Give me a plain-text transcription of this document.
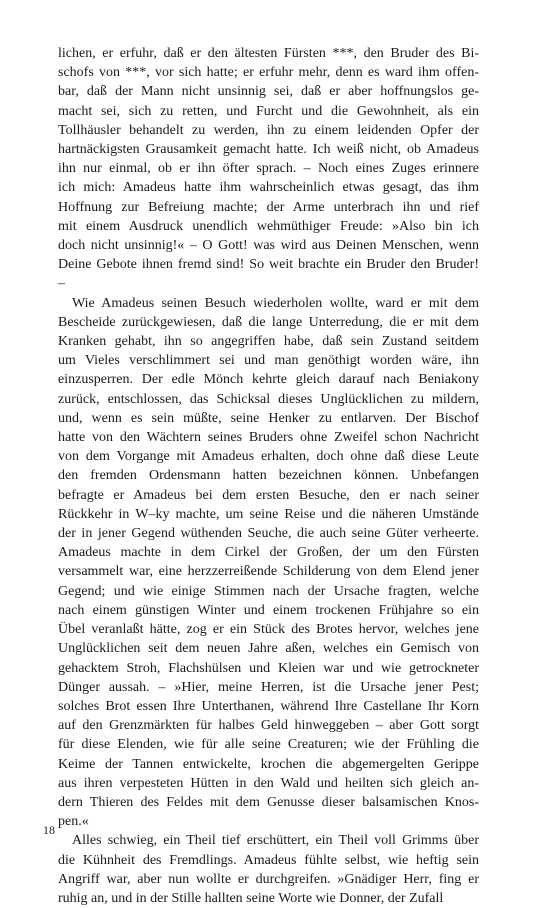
lichen, er erfuhr, daß er den ältesten Fürsten ***, den Bruder des Bi-

schofs von ***, vor sich hatte; er erfuhr mehr, denn es ward ihm offen-

bar, daß der Mann nicht unsinnig sei, daß er aber hoffnungslos ge-

macht sei, sich zu retten, und Furcht und die Gewohnheit, als ein

Tollhäusler behandelt zu werden, ihn zu einem leidenden Opfer der

hartnäckigsten Grausamkeit gemacht hatte. Ich weiß nicht, ob Amadeus

ihn nur einmal, ob er ihn öfter sprach. – Noch eines Zuges erinnere

ich mich: Amadeus hatte ihm wahrscheinlich etwas gesagt, das ihm

Hoffnung zur Befreiung machte; der Arme unterbrach ihn und rief

mit einem Ausdruck unendlich wehmüthiger Freude: »Also bin ich

doch nicht unsinnig!« – O Gott! was wird aus Deinen Menschen, wenn

Deine Gebote ihnen fremd sind! So weit brachte ein Bruder den Bruder!

–

Wie Amadeus seinen Besuch wiederholen wollte, ward er mit dem

Bescheide zurückgewiesen, daß die lange Unterredung, die er mit dem

Kranken gehabt, ihn so angegriffen habe, daß sein Zustand seitdem

um Vieles verschlimmert sei und man genöthigt worden wäre, ihn

einzusperren. Der edle Mönch kehrte gleich darauf nach Beniakony

zurück, entschlossen, das Schicksal dieses Unglücklichen zu mildern,

und, wenn es sein müßte, seine Henker zu entlarven. Der Bischof

hatte von den Wächtern seines Bruders ohne Zweifel schon Nachricht

von dem Vorgange mit Amadeus erhalten, doch ohne daß diese Leute

den fremden Ordensmann hatten bezeichnen können. Unbefangen

befragte er Amadeus bei dem ersten Besuche, den er nach seiner

Rückkehr in W–ky machte, um seine Reise und die näheren Umstände

der in jener Gegend wüthenden Seuche, die auch seine Güter verheerte.

Amadeus machte in dem Cirkel der Großen, der um den Fürsten

versammelt war, eine herzzerreißende Schilderung von dem Elend jener

Gegend; und wie einige Stimmen nach der Ursache fragten, welche

nach einem günstigen Winter und einem trockenen Frühjahre so ein

Übel veranlaßt hätte, zog er ein Stück des Brotes hervor, welches jene

Unglücklichen seit dem neuen Jahre aßen, welches ein Gemisch von

gehacktem Stroh, Flachshülsen und Kleien war und wie getrockneter

Dünger aussah. – »Hier, meine Herren, ist die Ursache jener Pest;

solches Brot essen Ihre Unterthanen, während Ihre Castellane Ihr Korn

auf den Grenzmärkten für halbes Geld hinweggeben – aber Gott sorgt

für diese Elenden, wie für alle seine Creaturen; wie der Frühling die

Keime der Tannen entwickelte, krochen die abgemergelten Gerippe

aus ihren verpesteten Hütten in den Wald und heilten sich gleich an-

dern Thieren des Feldes mit dem Genusse dieser balsamischen Knos-

pen.«

Alles schwieg, ein Theil tief erschüttert, ein Theil voll Grimms über

die Kühnheit des Fremdlings. Amadeus fühlte selbst, wie heftig sein

Angriff war, aber nun wollte er durchgreifen. »Gnädiger Herr, fing er

ruhig an, und in der Stille hallten seine Worte wie Donner, der Zufall

18
